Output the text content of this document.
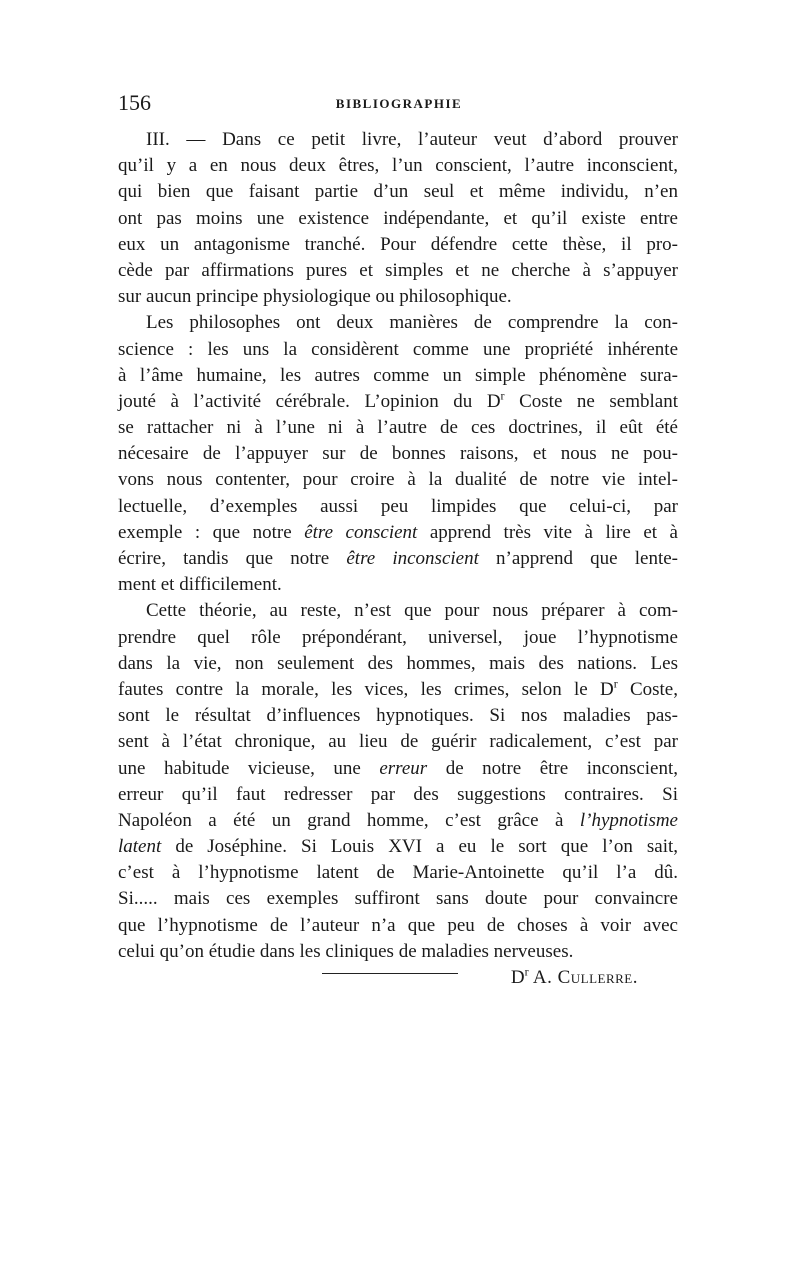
156	BIBLIOGRAPHIE
III. — Dans ce petit livre, l’auteur veut d’abord prouver
qu’il y a en nous deux êtres, l’un conscient, l’autre inconscient,
qui bien que faisant partie d’un seul et même individu, n’en
ont pas moins une existence indépendante, et qu’il existe entre
eux un antagonisme tranché. Pour défendre cette thèse, il pro-
cède par affirmations pures et simples et ne cherche à s’appuyer
sur aucun principe physiologique ou philosophique.
Les philosophes ont deux manières de comprendre la con-
science : les uns la considèrent comme une propriété inhérente
à l’âme humaine, les autres comme un simple phénomène sura-
jouté à l’activité cérébrale. L’opinion du $D^r$ Coste ne semblant
se rattacher ni à l’une ni à l’autre de ces doctrines, il eût été
nécesaire de l’appuyer sur de bonnes raisons, et nous ne pou-
vons nous contenter, pour croire à la dualité de notre vie intel-
lectuelle, d’exemples aussi peu limpides que celui-ci, par
exemple : que notre être conscient apprend très vite à lire et à
écrire, tandis que notre être inconscient n’apprend que lente-
ment et difficilement.
Cette théorie, au reste, n’est que pour nous préparer à com-
prendre quel rôle prépondérant, universel, joue l’hypnotisme
dans la vie, non seulement des hommes, mais des nations. Les
fautes contre la morale, les vices, les crimes, selon le $D^r$ Coste,
sont le résultat d’influences hypnotiques. Si nos maladies pas-
sent à l’état chronique, au lieu de guérir radicalement, c’est par
une habitude vicieuse, une erreur de notre être inconscient,
erreur qu’il faut redresser par des suggestions contraires. Si
Napoléon a été un grand homme, c’est grâce à l’hypnotisme
latent de Joséphine. Si Louis XVI a eu le sort que l’on sait,
c’est à l’hypnotisme latent de Marie-Antoinette qu’il l’a dû.
Si..... mais ces exemples suffiront sans doute pour convaincre
que l’hypnotisme de l’auteur n’a que peu de choses à voir avec
celui qu’on étudie dans les cliniques de maladies nerveuses.
$D^r$ A. Cullerre.
